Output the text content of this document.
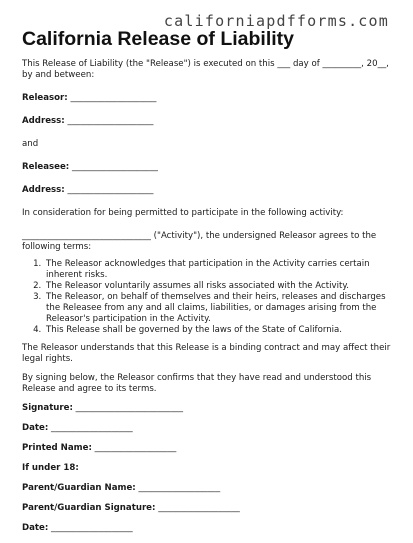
californiapdfforms.com
California Release of Liability

This Release of Liability (the "Release") is executed on this ___ day of _________, 20__, by and between:

Releasor: ____________________

Address: ____________________

and

Releasee: ____________________

Address: ____________________

In consideration for being permitted to participate in the following activity:

______________________________ ("Activity"), the undersigned Releasor agrees to the following terms:

1. The Releasor acknowledges that participation in the Activity carries certain inherent risks.
2. The Releasor voluntarily assumes all risks associated with the Activity.
3. The Releasor, on behalf of themselves and their heirs, releases and discharges the Releasee from any and all claims, liabilities, or damages arising from the Releasor's participation in the Activity.
4. This Release shall be governed by the laws of the State of California.

The Releasor understands that this Release is a binding contract and may affect their legal rights.

By signing below, the Releasor confirms that they have read and understood this Release and agree to its terms.

Signature: _________________________

Date: ___________________

Printed Name: ___________________

If under 18:

Parent/Guardian Name: ___________________

Parent/Guardian Signature: ___________________

Date: ___________________
